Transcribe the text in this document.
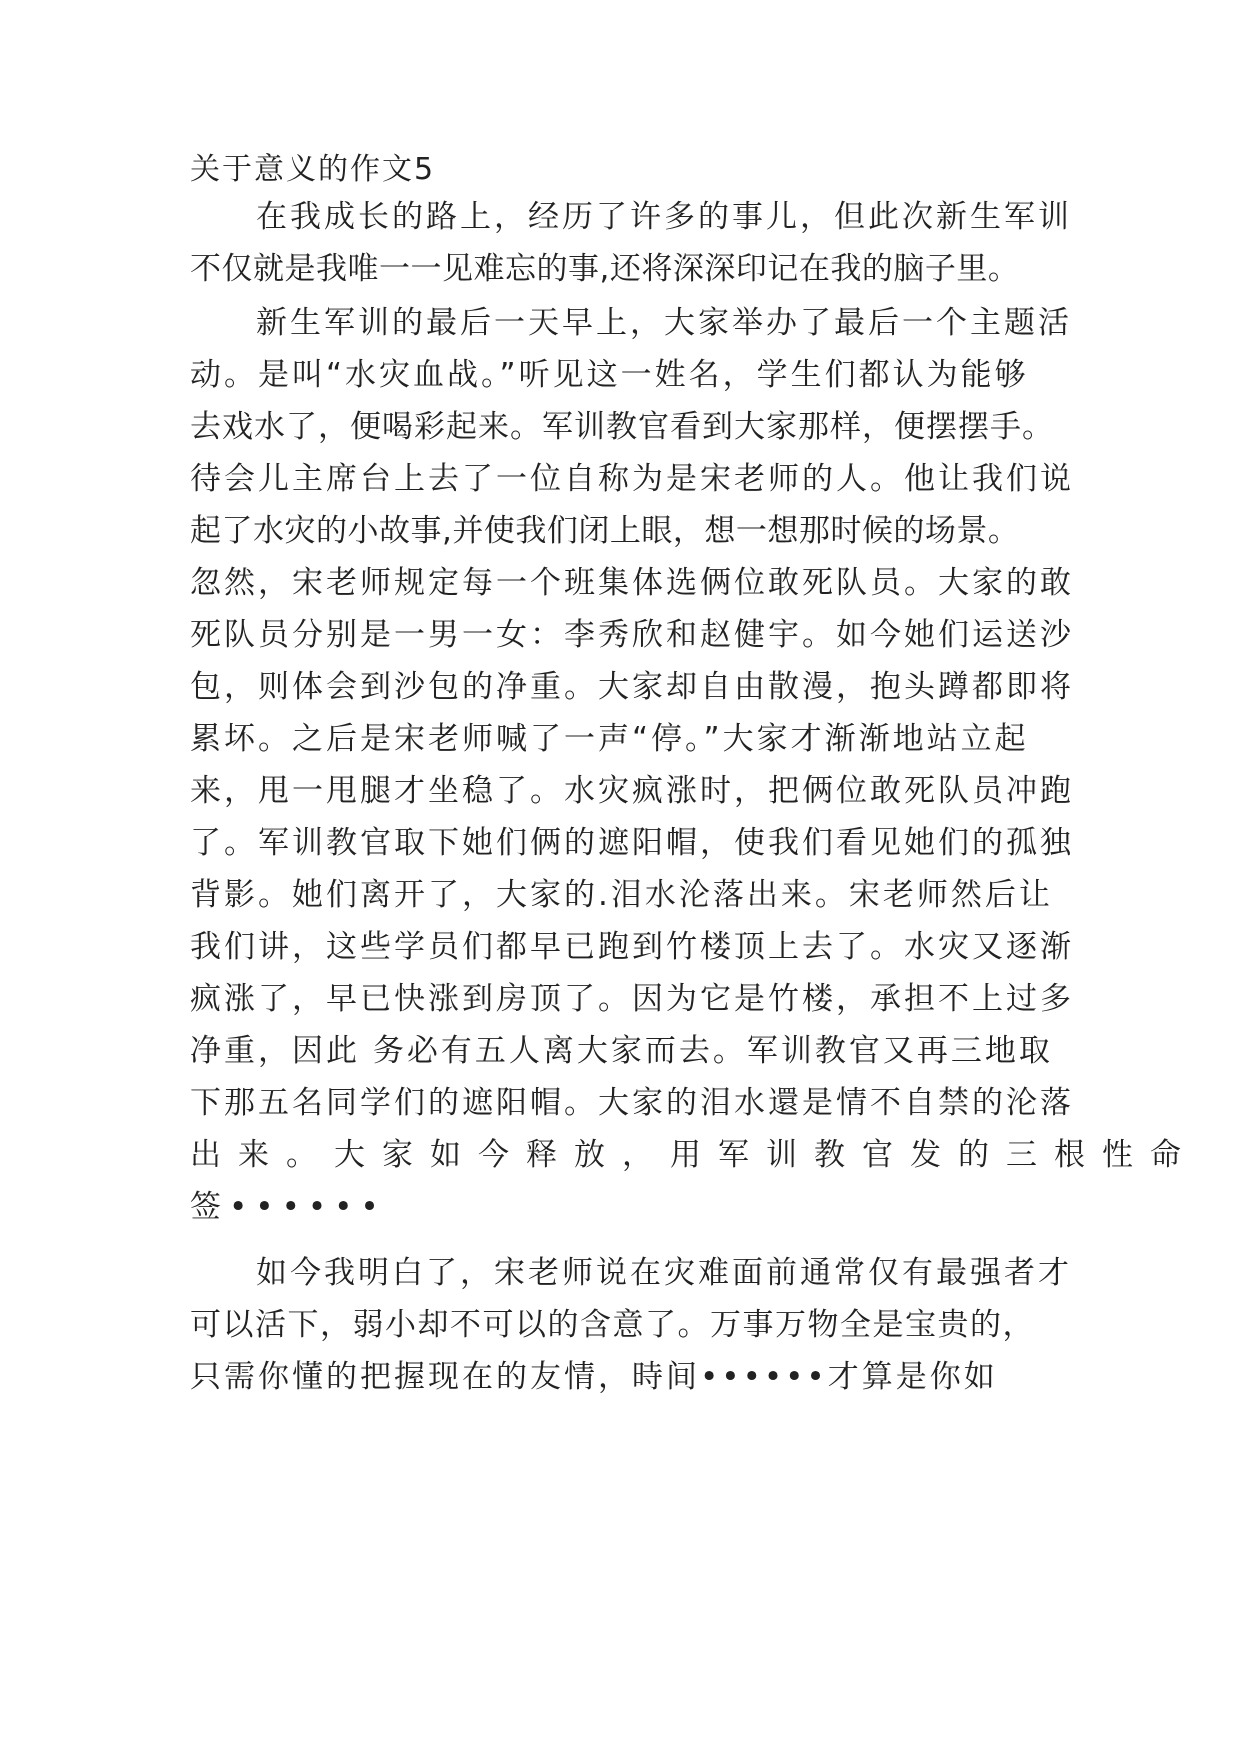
关于意义的作文5
在我成长的路上，经历了许多的事儿，但此次新生军训
不仅就是我唯一一见难忘的事,还将深深印记在我的脑子里。
新生军训的最后一天早上，大家举办了最后一个主题活
动。是叫“水灾血战。”听见这一姓名，学生们都认为能够
去戏水了，便喝彩起来。军训教官看到大家那样，便摆摆手。
待会儿主席台上去了一位自称为是宋老师的人。他让我们说
起了水灾的小故事,并使我们闭上眼，想一想那时候的场景。
忽然，宋老师规定每一个班集体选俩位敢死队员。大家的敢
死队员分别是一男一女：李秀欣和赵健宇。如今她们运送沙
包，则体会到沙包的净重。大家却自由散漫，抱头蹲都即将
累坏。之后是宋老师喊了一声“停。”大家才渐渐地站立起
来，甩一甩腿才坐稳了。水灾疯涨时，把俩位敢死队员冲跑
了。军训教官取下她们俩的遮阳帽，使我们看见她们的孤独
背影。她们离开了，大家的.泪水沦落出来。宋老师然后让
我们讲，这些学员们都早已跑到竹楼顶上去了。水灾又逐渐
疯涨了，早已快涨到房顶了。因为它是竹楼，承担不上过多
净重，因此 务必有五人离大家而去。军训教官又再三地取
下那五名同学们的遮阳帽。大家的泪水還是情不自禁的沦落
出来。大家如今释放，用军训教官发的三根性命
签••••••
如今我明白了，宋老师说在灾难面前通常仅有最强者才
可以活下，弱小却不可以的含意了。万事万物全是宝贵的，
只需你懂的把握现在的友情，時间••••••才算是你如
